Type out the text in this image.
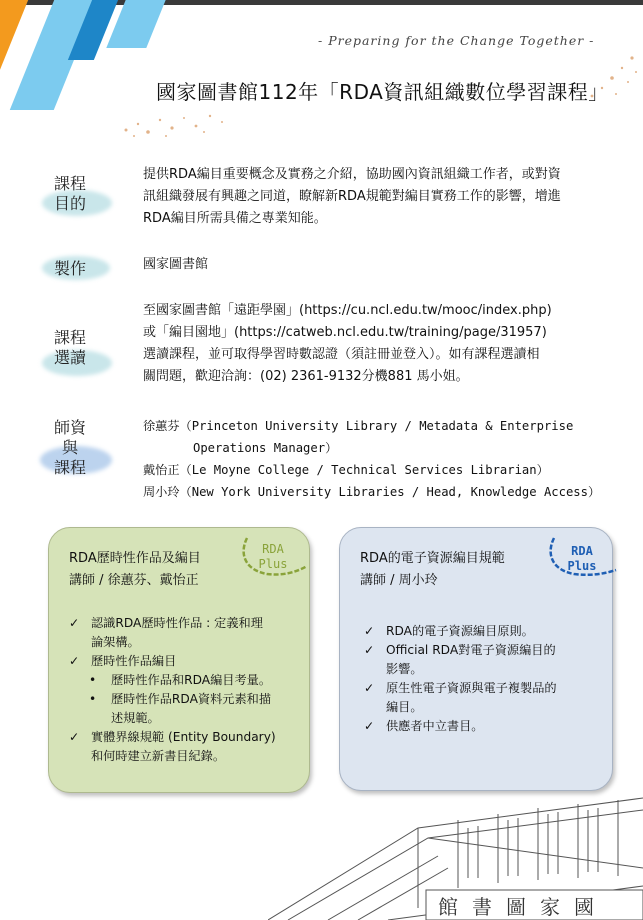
- Preparing for the Change Together -
國家圖書館112年「RDA資訊組織數位學習課程」
課程
目的
提供RDA編目重要概念及實務之介紹，協助國內資訊組織工作者，或對資
訊組織發展有興趣之同道，瞭解新RDA規範對編目實務工作的影響，增進
RDA編目所需具備之專業知能。
製作	國家圖書館
課程
選讀
至國家圖書館「遠距學園」(https://cu.ncl.edu.tw/mooc/index.php)
或「編目園地」(https://catweb.ncl.edu.tw/training/page/31957)
選讀課程，並可取得學習時數認證（須註冊並登入）。如有課程選讀相
關問題，歡迎洽詢：(02) 2361-9132分機881 馬小姐。
師資
與
課程
徐蕙芬（Princeton University Library / Metadata & Enterprise
Operations Manager）
戴怡正（Le Moyne College / Technical Services Librarian）
周小玲（New York University Libraries / Head, Knowledge Access）
RDA歷時性作品及編目
講師 / 徐蕙芬、戴怡正
RDA
Plus
✓ 認識RDA歷時性作品 : 定義和理
論架構。
✓ 歷時性作品編目
• 歷時性作品和RDA編目考量。
• 歷時性作品RDA資料元素和描
述規範。
✓ 實體界線規範 (Entity Boundary)
和何時建立新書目紀錄。
RDA的電子資源編目規範
講師 / 周小玲
RDA
Plus
✓ RDA的電子資源編目原則。
✓ Official RDA對電子資源編目的
影響。
✓ 原生性電子資源與電子複製品的
編目。
✓ 供應者中立書目。
館書圖家國
